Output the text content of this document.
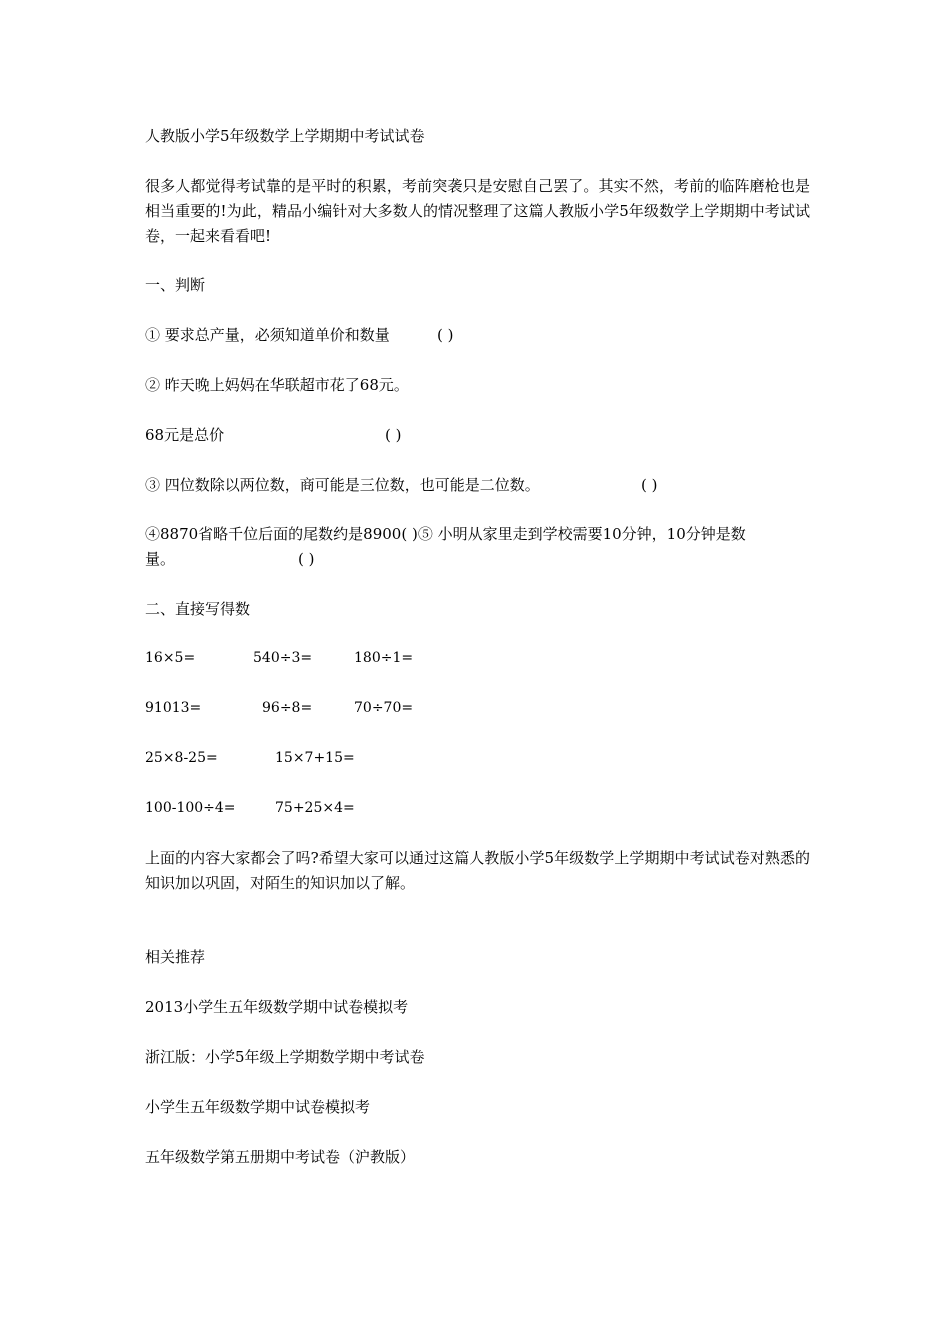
人教版小学5年级数学上学期期中考试试卷
很多人都觉得考试靠的是平时的积累，考前突袭只是安慰自己罢了。其实不然，考前的临阵磨枪也是相当重要的!为此，精品小编针对大多数人的情况整理了这篇人教版小学5年级数学上学期期中考试试卷，一起来看看吧!
一、判断
① 要求总产量，必须知道单价和数量	( )
② 昨天晚上妈妈在华联超市花了68元。
68元是总价	( )
③ 四位数除以两位数，商可能是三位数，也可能是二位数。	( )
④8870省略千位后面的尾数约是8900( )⑤ 小明从家里走到学校需要10分钟，10分钟是数
量。	( )
二、直接写得数
16×5=	540÷3=	180÷1=
91013=	96÷8=	70÷70=
25×8-25=	15×7+15=
100-100÷4=	75+25×4=
上面的内容大家都会了吗?希望大家可以通过这篇人教版小学5年级数学上学期期中考试试卷对熟悉的知识加以巩固，对陌生的知识加以了解。
相关推荐
2013小学生五年级数学期中试卷模拟考
浙江版：小学5年级上学期数学期中考试卷
小学生五年级数学期中试卷模拟考
五年级数学第五册期中考试卷（沪教版）
